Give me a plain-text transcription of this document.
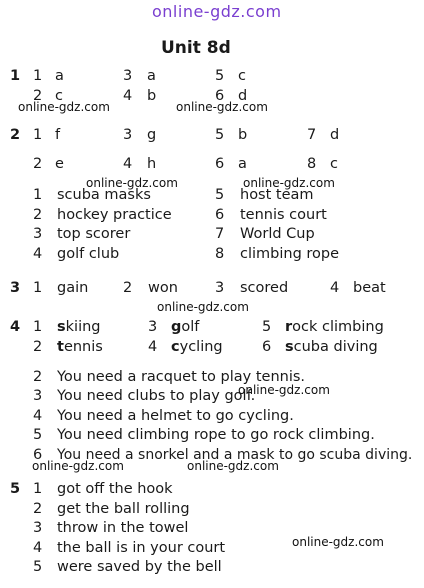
online-gdz.com
Unit 8d
1 1 a	3 a	5 c
2 c	4 b	6 d
online-gdz.com	online-gdz.com
2 1 f	3 g	5 b	7 d
2 e	4 h	6 a	8 c
online-gdz.com	online-gdz.com
1 scuba masks
2 hockey practice
3 top scorer
4 golf club
5 host team
6 tennis court
7 World Cup
8 climbing rope
3 1 gain 2 won	3 scored	4 beat
online-gdz.com
4 1 skiing	3 golf	5 rock climbing
2 tennis	4 cycling	6 scuba diving
2 You need a racquet to play tennis.
3 You need clubs to play golf.
online-gdz.com
4 You need a helmet to go cycling.
5 You need climbing rope to go rock climbing.
6 You need a snorkel and a mask to go scuba diving.
online-gdz.com	online-gdz.com
5 1 got off the hook
2 get the ball rolling
3 throw in the towel
4 the ball is in your court	online-gdz.com
5 were saved by the bell
